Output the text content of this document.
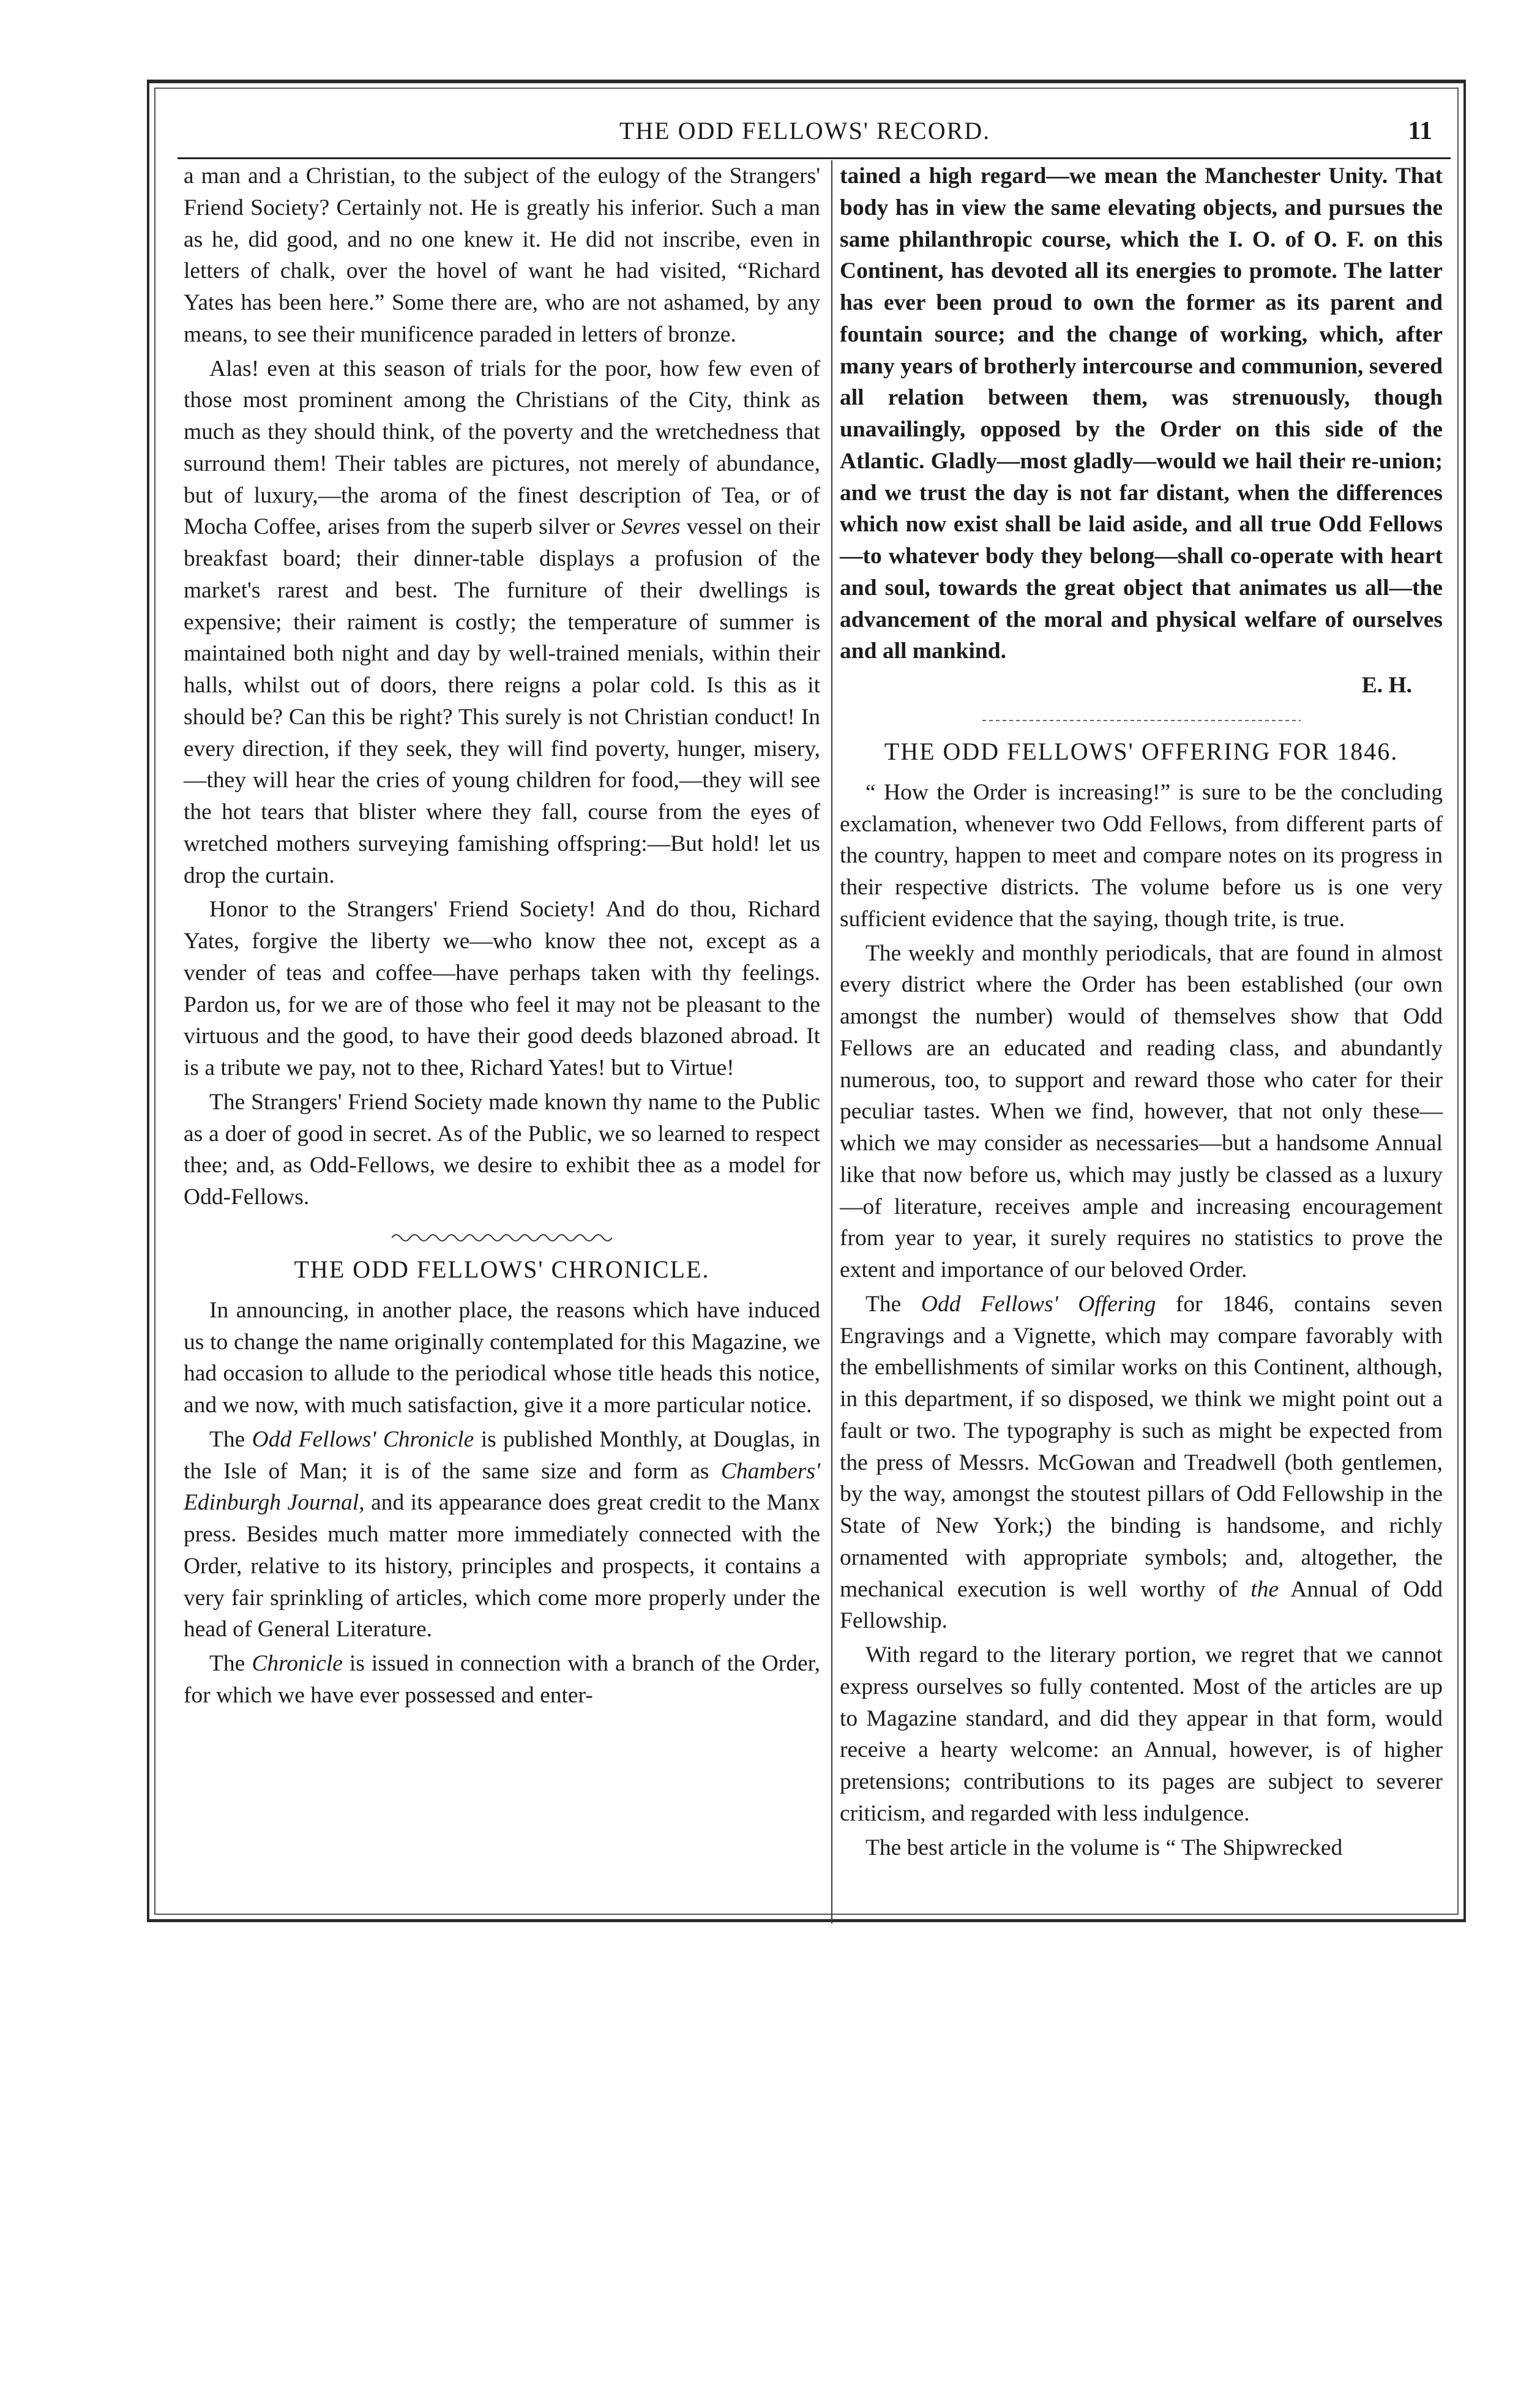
THE ODD FELLOWS' RECORD.	11

a man and a Christian, to the subject of the eulogy of the Strangers' Friend Society? Certainly not. He is greatly his inferior. Such a man as he, did good, and no one knew it. He did not inscribe, even in letters of chalk, over the hovel of want he had visited, “Richard Yates has been here.” Some there are, who are not ashamed, by any means, to see their munificence paraded in letters of bronze.

Alas! even at this season of trials for the poor, how few even of those most prominent among the Christians of the City, think as much as they should think, of the poverty and the wretchedness that surround them! Their tables are pictures, not merely of abundance, but of luxury,—the aroma of the finest description of Tea, or of Mocha Coffee, arises from the superb silver or Sevres vessel on their breakfast board; their dinner-table displays a profusion of the market's rarest and best. The furniture of their dwellings is expensive; their raiment is costly; the temperature of summer is maintained both night and day by well-trained menials, within their halls, whilst out of doors, there reigns a polar cold. Is this as it should be? Can this be right? This surely is not Christian conduct! In every direction, if they seek, they will find poverty, hunger, misery, —they will hear the cries of young children for food,—they will see the hot tears that blister where they fall, course from the eyes of wretched mothers surveying famishing offspring:—But hold! let us drop the curtain.

Honor to the Strangers' Friend Society! And do thou, Richard Yates, forgive the liberty we—who know thee not, except as a vender of teas and coffee—have perhaps taken with thy feelings. Pardon us, for we are of those who feel it may not be pleasant to the virtuous and the good, to have their good deeds blazoned abroad. It is a tribute we pay, not to thee, Richard Yates! but to Virtue!

The Strangers' Friend Society made known thy name to the Public as a doer of good in secret. As of the Public, we so learned to respect thee; and, as Odd-Fellows, we desire to exhibit thee as a model for Odd-Fellows.

THE ODD FELLOWS' CHRONICLE.

In announcing, in another place, the reasons which have induced us to change the name originally contemplated for this Magazine, we had occasion to allude to the periodical whose title heads this notice, and we now, with much satisfaction, give it a more particular notice.

The Odd Fellows' Chronicle is published Monthly, at Douglas, in the Isle of Man; it is of the same size and form as Chambers' Edinburgh Journal, and its appearance does great credit to the Manx press. Besides much matter more immediately connected with the Order, relative to its history, principles and prospects, it contains a very fair sprinkling of articles, which come more properly under the head of General Literature.

The Chronicle is issued in connection with a branch of the Order, for which we have ever possessed and enter-

tained a high regard—we mean the Manchester Unity. That body has in view the same elevating objects, and pursues the same philanthropic course, which the I. O. of O. F. on this Continent, has devoted all its energies to promote. The latter has ever been proud to own the former as its parent and fountain source; and the change of working, which, after many years of brotherly intercourse and communion, severed all relation between them, was strenuously, though unavailingly, opposed by the Order on this side of the Atlantic. Gladly—most gladly—would we hail their re-union; and we trust the day is not far distant, when the differences which now exist shall be laid aside, and all true Odd Fellows—to whatever body they belong—shall co-operate with heart and soul, towards the great object that animates us all—the advancement of the moral and physical welfare of ourselves and all mankind.

E. H.

THE ODD FELLOWS' OFFERING FOR 1846.

“ How the Order is increasing!” is sure to be the concluding exclamation, whenever two Odd Fellows, from different parts of the country, happen to meet and compare notes on its progress in their respective districts. The volume before us is one very sufficient evidence that the saying, though trite, is true.

The weekly and monthly periodicals, that are found in almost every district where the Order has been established (our own amongst the number) would of themselves show that Odd Fellows are an educated and reading class, and abundantly numerous, too, to support and reward those who cater for their peculiar tastes. When we find, however, that not only these—which we may consider as necessaries—but a handsome Annual like that now before us, which may justly be classed as a luxury—of literature, receives ample and increasing encouragement from year to year, it surely requires no statistics to prove the extent and importance of our beloved Order.

The Odd Fellows' Offering for 1846, contains seven Engravings and a Vignette, which may compare favorably with the embellishments of similar works on this Continent, although, in this department, if so disposed, we think we might point out a fault or two. The typography is such as might be expected from the press of Messrs. McGowan and Treadwell (both gentlemen, by the way, amongst the stoutest pillars of Odd Fellowship in the State of New York;) the binding is handsome, and richly ornamented with appropriate symbols; and, altogether, the mechanical execution is well worthy of the Annual of Odd Fellowship.

With regard to the literary portion, we regret that we cannot express ourselves so fully contented. Most of the articles are up to Magazine standard, and did they appear in that form, would receive a hearty welcome: an Annual, however, is of higher pretensions; contributions to its pages are subject to severer criticism, and regarded with less indulgence.

The best article in the volume is “ The Shipwrecked
